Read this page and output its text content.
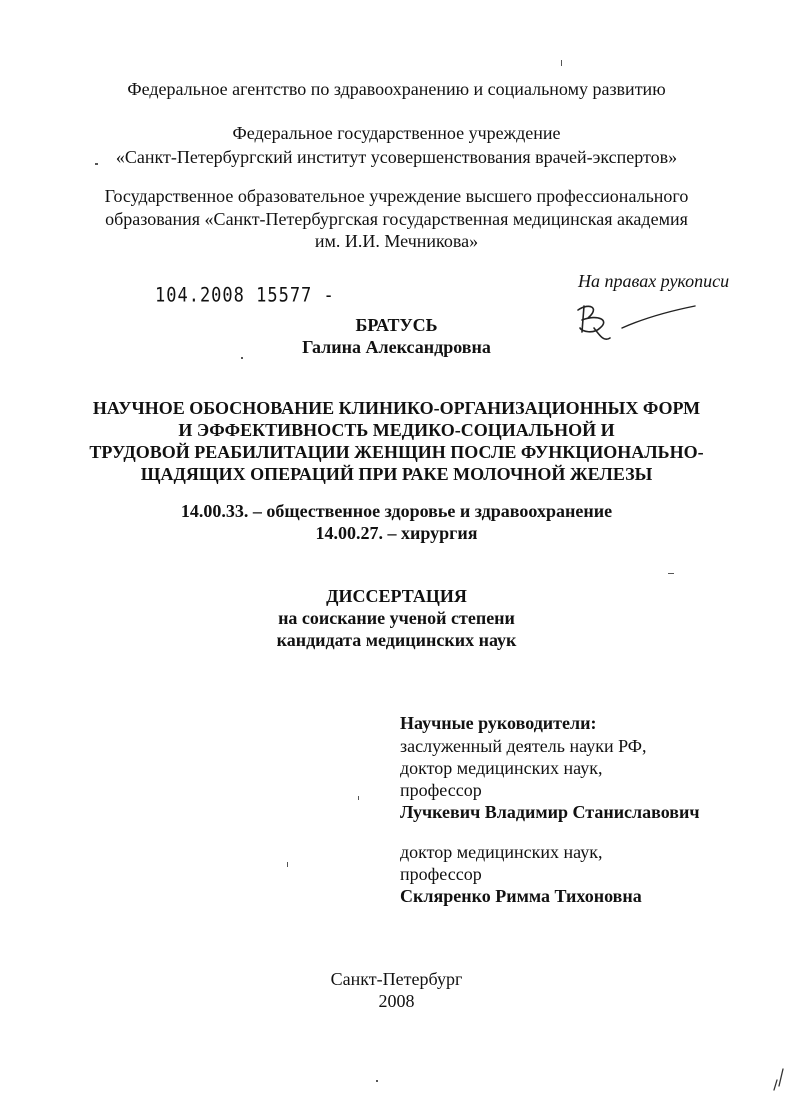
Федеральное агентство по здравоохранению и социальному развитию
Федеральное государственное учреждение
«Санкт-Петербургский институт усовершенствования врачей-экспертов»
Государственное образовательное учреждение высшего профессионального
образования «Санкт-Петербургская государственная медицинская академия
им. И.И. Мечникова»
104.2008 15577 -
На правах рукописи
БРАТУСЬ
Галина Александровна
НАУЧНОЕ ОБОСНОВАНИЕ КЛИНИКО-ОРГАНИЗАЦИОННЫХ ФОРМ
И ЭФФЕКТИВНОСТЬ МЕДИКО-СОЦИАЛЬНОЙ И
ТРУДОВОЙ РЕАБИЛИТАЦИИ ЖЕНЩИН ПОСЛЕ ФУНКЦИОНАЛЬНО-
ЩАДЯЩИХ ОПЕРАЦИЙ ПРИ РАКЕ МОЛОЧНОЙ ЖЕЛЕЗЫ
14.00.33. – общественное здоровье и здравоохранение
14.00.27. – хирургия
ДИССЕРТАЦИЯ
на соискание ученой степени
кандидата медицинских наук
Научные руководители:
заслуженный деятель науки РФ,
доктор медицинских наук,
профессор
Лучкевич Владимир Станиславович
доктор медицинских наук,
профессор
Скляренко Римма Тихоновна
Санкт-Петербург
2008
